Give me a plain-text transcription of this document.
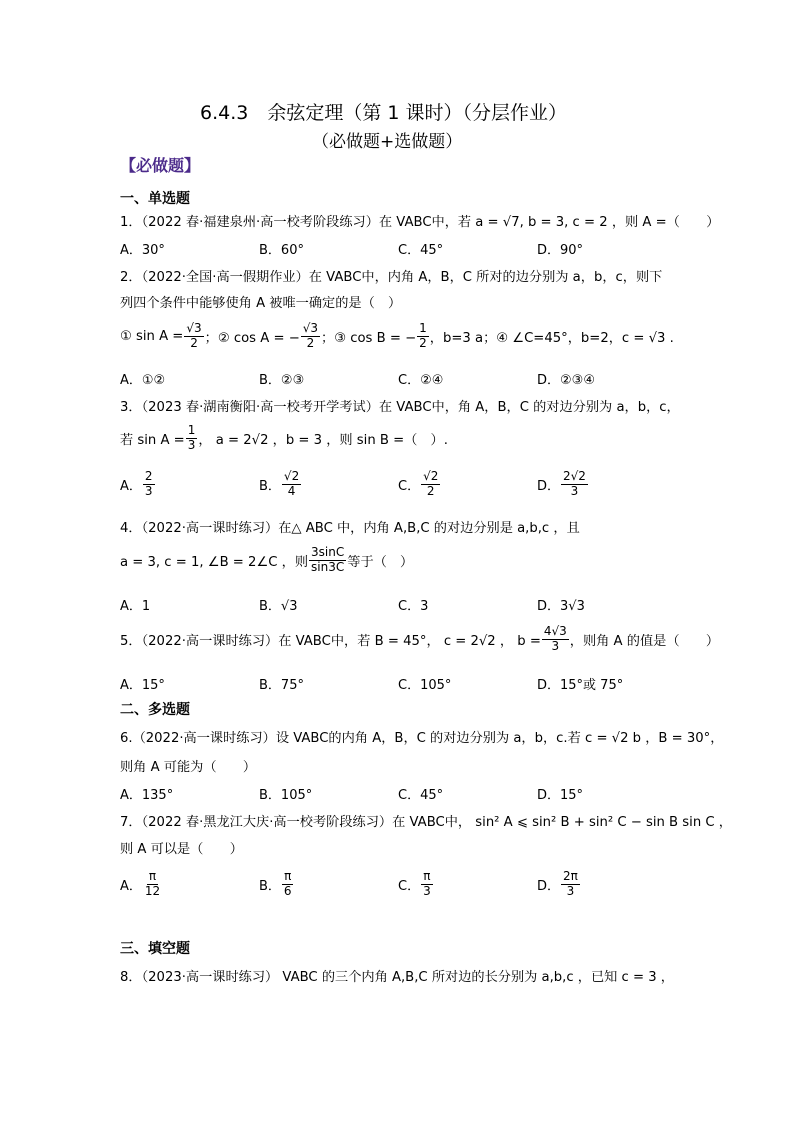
6.4.3　余弦定理（第 1 课时）（分层作业）
（必做题+选做题）
【必做题】
一、单选题
1．（2022 春·福建泉州·高一校考阶段练习）在 VABC中，若 a = √7, b = 3, c = 2 ，则 A =（　　）
A．30°	B．60°	C．45°	D．90°
2．（2022·全国·高一假期作业）在 VABC中，内角 A，B，C 所对的边分别为 a，b，c，则下
列四个条件中能够使角 A 被唯一确定的是（　）
① $\sin A = \frac{√3}{2}$ ；② cos A = − $\frac{√3}{2}$ ；③ cos B = − $\frac{1}{2}$ ，b=3 a；④ ∠C=45°，b=2，c = √3 .
A．①②	B．②③	C．②④	D．②③④
3．（2023 春·湖南衡阳·高一校考开学考试）在 VABC中，角 A，B，C 的对边分别为 a，b，c，
若 $\sin A = \frac{1}{3}$ ， a = 2√2 ，b = 3 ，则 sin B =（　）.
A． $\frac{2}{3}$	B． $\frac{√2}{4}$	C． $\frac{√2}{2}$	D． $\frac{2√2}{3}$
4．（2022·高一课时练习）在△ ABC 中，内角 A,B,C 的对边分别是 a,b,c ，且
a = 3, c = 1, ∠B = 2∠C ，则 $\frac{3\sin C}{\sin 3C}$ 等于（　）
A．1	B．√3	C．3	D．3√3
5．（2022·高一课时练习）在 VABC中，若 B = 45°， c = 2√2 ， $b = \frac{4√3}{3}$ ，则角 A 的值是（　　）
A．15°	B．75°	C．105°	D．15°或 75°
二、多选题
6.（2022·高一课时练习）设 VABC的内角 A，B，C 的对边分别为 a，b，c.若 c = √2 b ，B = 30°，
则角 A 可能为（　　）
A．135°	B．105°	C．45°	D．15°
7．（2022 春·黑龙江大庆·高一校考阶段练习）在 VABC中， sin² A ⩽ sin² B + sin² C − sin B sin C ，
则 A 可以是（　　）
A． $\frac{\pi}{12}$	B． $\frac{\pi}{6}$	C． $\frac{\pi}{3}$	D． $\frac{2\pi}{3}$
三、填空题
8．（2023·高一课时练习） VABC 的三个内角 A,B,C 所对边的长分别为 a,b,c ，已知 c = 3 ，
